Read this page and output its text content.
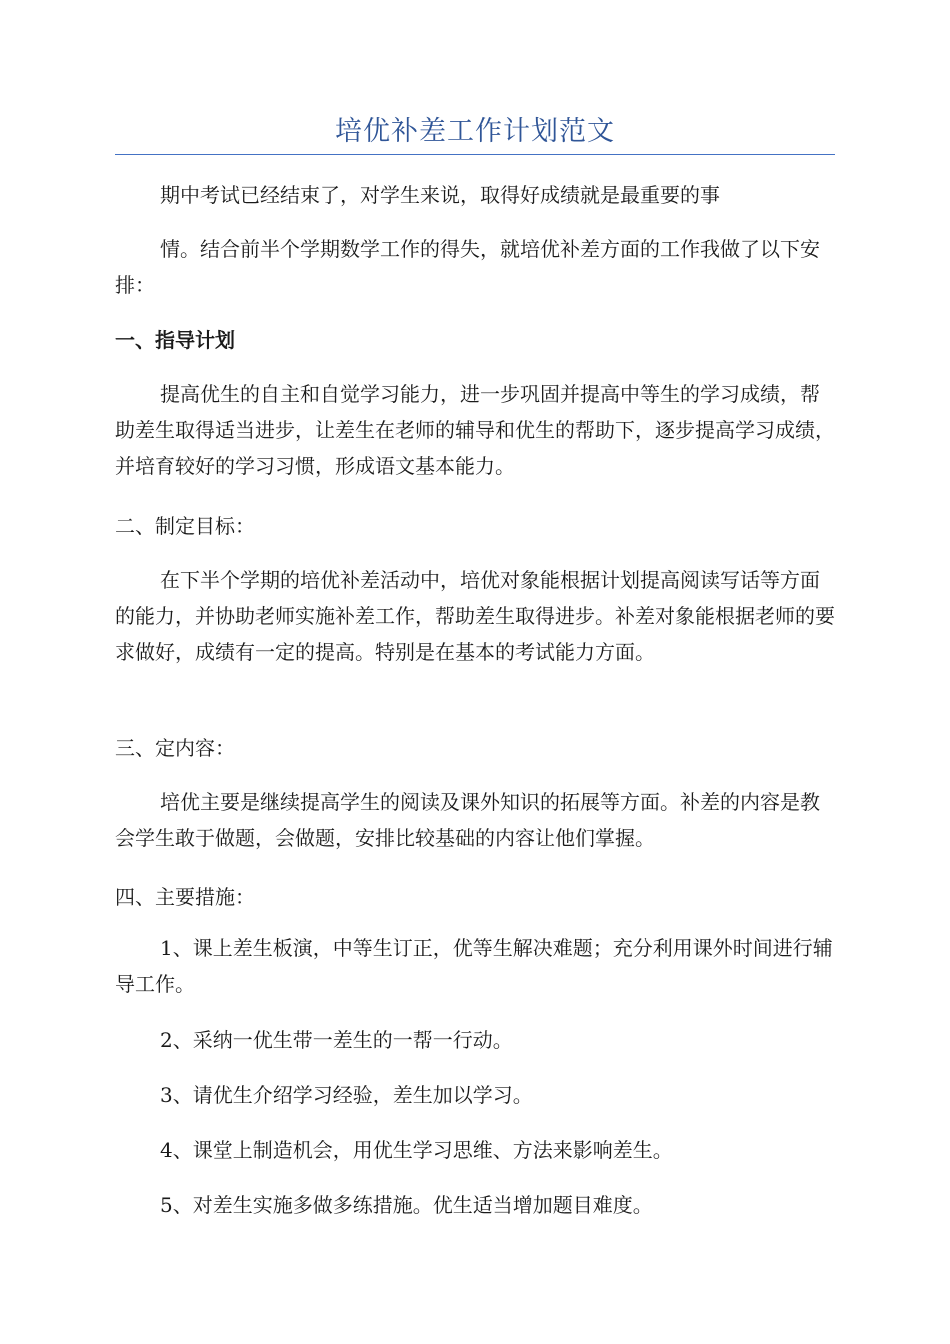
培优补差工作计划范文

期中考试已经结束了，对学生来说，取得好成绩就是最重要的事

情。结合前半个学期数学工作的得失，就培优补差方面的工作我做了以下安排：

一、指导计划

提高优生的自主和自觉学习能力，进一步巩固并提高中等生的学习成绩，帮助差生取得适当进步，让差生在老师的辅导和优生的帮助下，逐步提高学习成绩，并培育较好的学习习惯，形成语文基本能力。

二、制定目标：

在下半个学期的培优补差活动中，培优对象能根据计划提高阅读写话等方面的能力，并协助老师实施补差工作，帮助差生取得进步。补差对象能根据老师的要求做好，成绩有一定的提高。特别是在基本的考试能力方面。

三、定内容：

培优主要是继续提高学生的阅读及课外知识的拓展等方面。补差的内容是教会学生敢于做题，会做题，安排比较基础的内容让他们掌握。

四、主要措施：

1、课上差生板演，中等生订正，优等生解决难题；充分利用课外时间进行辅导工作。

2、采纳一优生带一差生的一帮一行动。

3、请优生介绍学习经验，差生加以学习。

4、课堂上制造机会，用优生学习思维、方法来影响差生。

5、对差生实施多做多练措施。优生适当增加题目难度。
